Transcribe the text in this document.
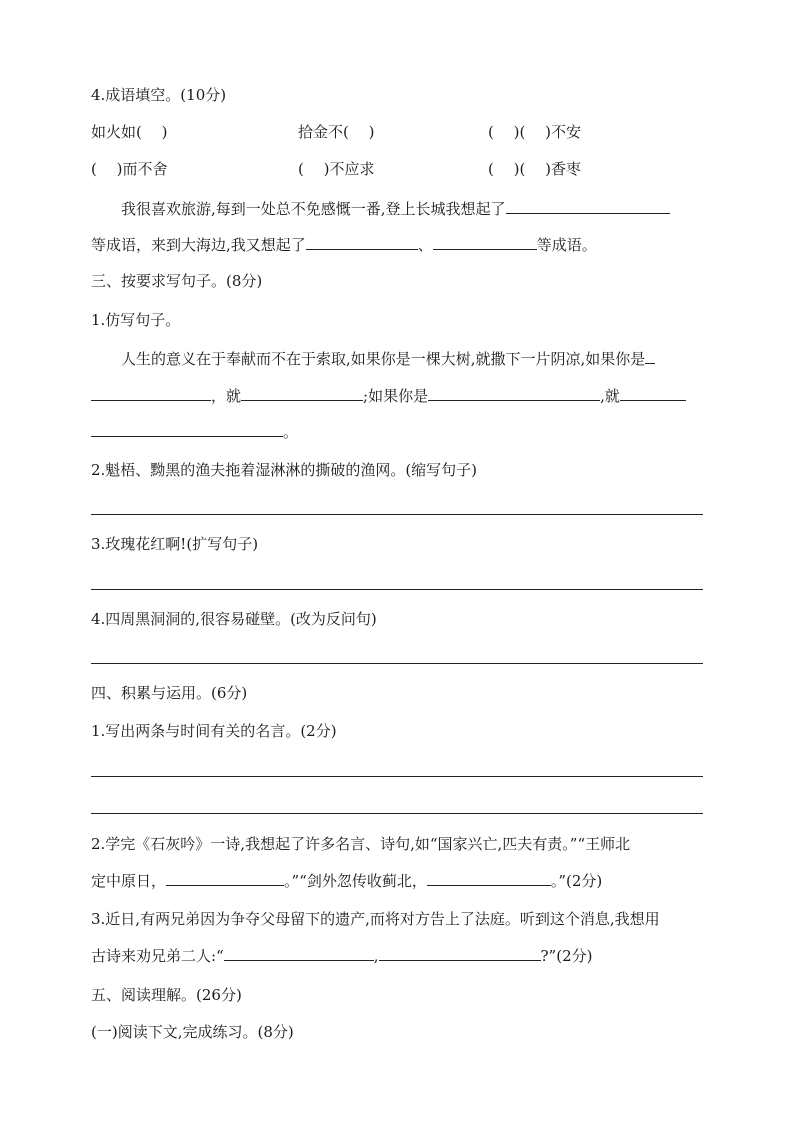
4.成语填空。(10分)
如火如(　 )	拾金不(　 )	(　 )(　 )不安
(　 )而不舍	(　 )不应求	(　 )(　 )香枣
我很喜欢旅游,每到一处总不免感慨一番,登上长城我想起了
等成语，来到大海边,我又想起了	、	等成语。
三、按要求写句子。(8分)
1.仿写句子。
人生的意义在于奉献而不在于索取,如果你是一棵大树,就撒下一片阴凉,如果你是
，就	;如果你是	,就
。
2.魁梧、黝黑的渔夫拖着湿淋淋的撕破的渔网。(缩写句子)
3.玫瑰花红啊!(扩写句子)
4.四周黑洞洞的,很容易碰壁。(改为反问句)
四、积累与运用。(6分)
1.写出两条与时间有关的名言。(2分)
2.学完《石灰吟》一诗,我想起了许多名言、诗句,如“国家兴亡,匹夫有责。”“王师北
定中原日，	。”“剑外忽传收蓟北，	。”(2分)
3.近日,有两兄弟因为争夺父母留下的遗产,而将对方告上了法庭。听到这个消息,我想用
古诗来劝兄弟二人:“	,	?”(2分)
五、阅读理解。(26分)
(一)阅读下文,完成练习。(8分)
